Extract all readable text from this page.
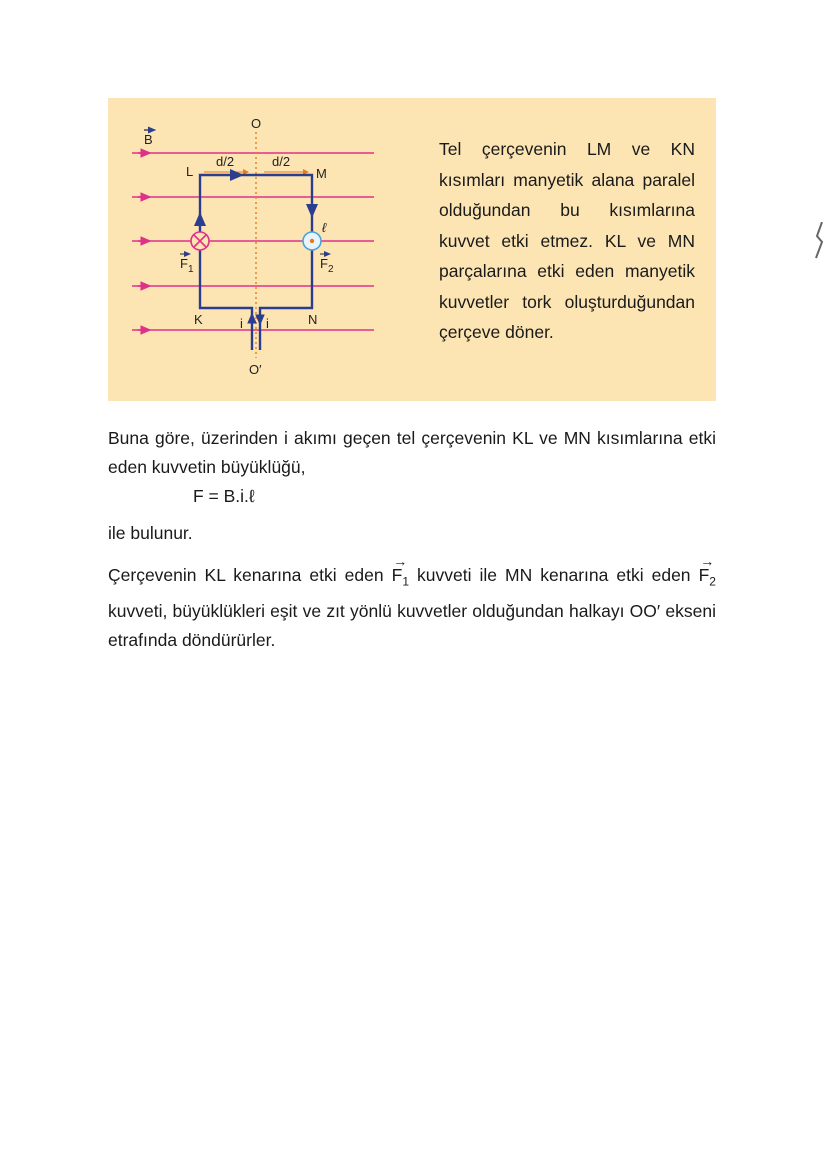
B
O
O′
d/2	d/2
L	M
K	N
i i
ℓ
$F_1$	$F_2$
Tel çerçevenin LM ve KN kısımları manyetik alana paralel olduğundan bu kısımlarına kuvvet etki etmez. KL ve MN parçalarına etki eden manyetik kuvvetler tork oluşturduğundan çerçeve döner.
Buna göre, üzerinden i akımı geçen tel çerçevenin KL ve MN kısımlarına etki eden kuvvetin büyüklüğü,
F = B.i.ℓ
ile bulunur.
Çerçevenin KL kenarına etki eden → $F_1$ kuvveti ile MN kenarına etki eden → $F_2$ kuvveti, büyüklükleri eşit ve zıt yönlü kuvvetler olduğundan halkayı OO′ ekseni etrafında döndürürler.
